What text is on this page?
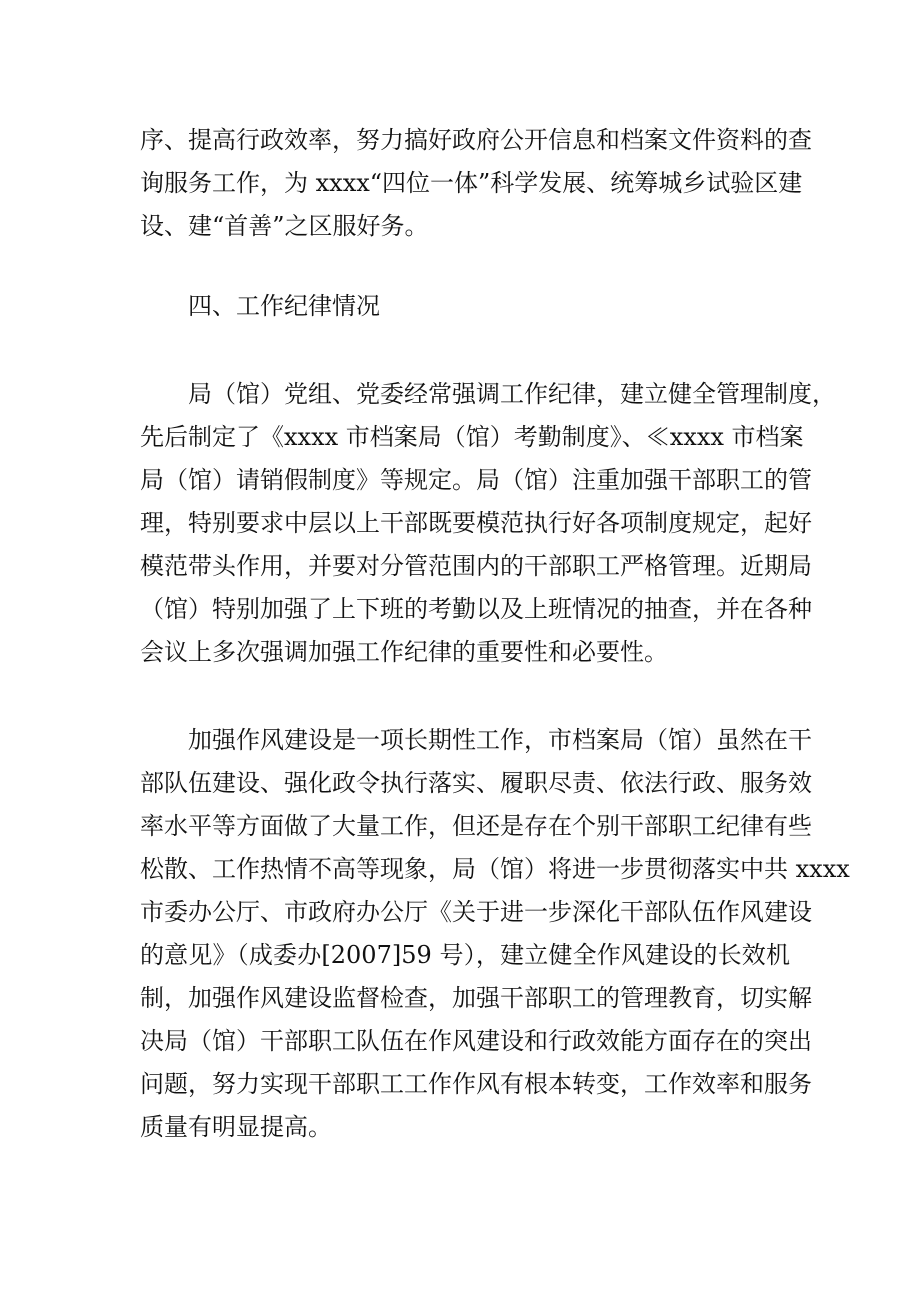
序、提高行政效率，努力搞好政府公开信息和档案文件资料的查
询服务工作，为 xxxx“四位一体”科学发展、统筹城乡试验区建
设、建“首善”之区服好务。
四、工作纪律情况
局（馆）党组、党委经常强调工作纪律，建立健全管理制度，
先后制定了《xxxx 市档案局（馆）考勤制度》、≪xxxx 市档案
局（馆）请销假制度》等规定。局（馆）注重加强干部职工的管
理，特别要求中层以上干部既要模范执行好各项制度规定，起好
模范带头作用，并要对分管范围内的干部职工严格管理。近期局
（馆）特别加强了上下班的考勤以及上班情况的抽查，并在各种
会议上多次强调加强工作纪律的重要性和必要性。
加强作风建设是一项长期性工作，市档案局（馆）虽然在干
部队伍建设、强化政令执行落实、履职尽责、依法行政、服务效
率水平等方面做了大量工作，但还是存在个别干部职工纪律有些
松散、工作热情不高等现象，局（馆）将进一步贯彻落实中共 xxxx
市委办公厅、市政府办公厅《关于进一步深化干部队伍作风建设
的意见》（成委办[2007]59 号），建立健全作风建设的长效机
制，加强作风建设监督检查，加强干部职工的管理教育，切实解
决局（馆）干部职工队伍在作风建设和行政效能方面存在的突出
问题，努力实现干部职工工作作风有根本转变，工作效率和服务
质量有明显提高。
